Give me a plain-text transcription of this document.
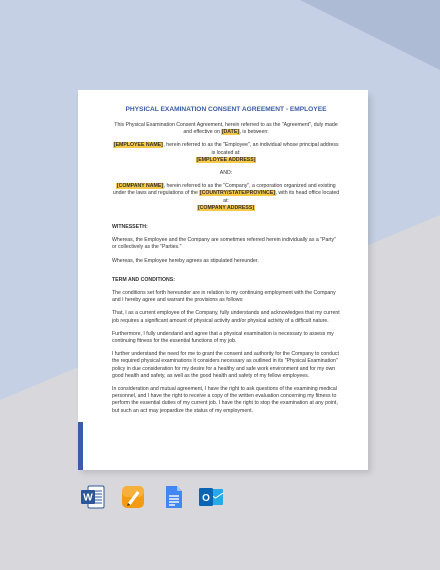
PHYSICAL EXAMINATION CONSENT AGREEMENT - EMPLOYEE
This Physical Examination Consent Agreement, herein referred to as the "Agreement", duly made and effective on [DATE], is between:
[EMPLOYEE NAME], herein referred to as the "Employee", an individual whose principal address is located at:
[EMPLOYEE ADDRESS]
AND:
[COMPANY NAME], herein referred to as the "Company", a corporation organized and existing under the laws and regulations of the [COUNTRY/STATE/PROVINCE], with its head office located at:
[COMPANY ADDRESS]
WITNESSETH:
Whereas, the Employee and the Company are sometimes referred herein individually as a "Party" or collectively as the "Parties."
Whereas, the Employee hereby agrees as stipulated hereunder.
TERM AND CONDITIONS:
The conditions set forth hereunder are in relation to my continuing employment with the Company and I hereby agree and warrant the provisions as follows:
That, I as a current employee of the Company, fully understands and acknowledges that my current job requires a significant amount of physical activity and/or physical activity of a difficult nature.
Furthermore, I fully understand and agree that a physical examination is necessary to assess my continuing fitness for the essential functions of my job.
I further understand the need for me to grant the consent and authority for the Company to conduct the required physical examinations it considers necessary as outlined in its "Physical Examination" policy in due consideration for my desire for a healthy and safe work environment and for my own good health and safety, as well as the good health and safety of my fellow employees.
In consideration and mutual agreement, I have the right to ask questions of the examining medical personnel, and I have the right to receive a copy of the written evaluation concerning my fitness to perform the essential duties of my current job. I have the right to stop the examination at any point, but such an act may jeopardize the status of my employment.
W	O
